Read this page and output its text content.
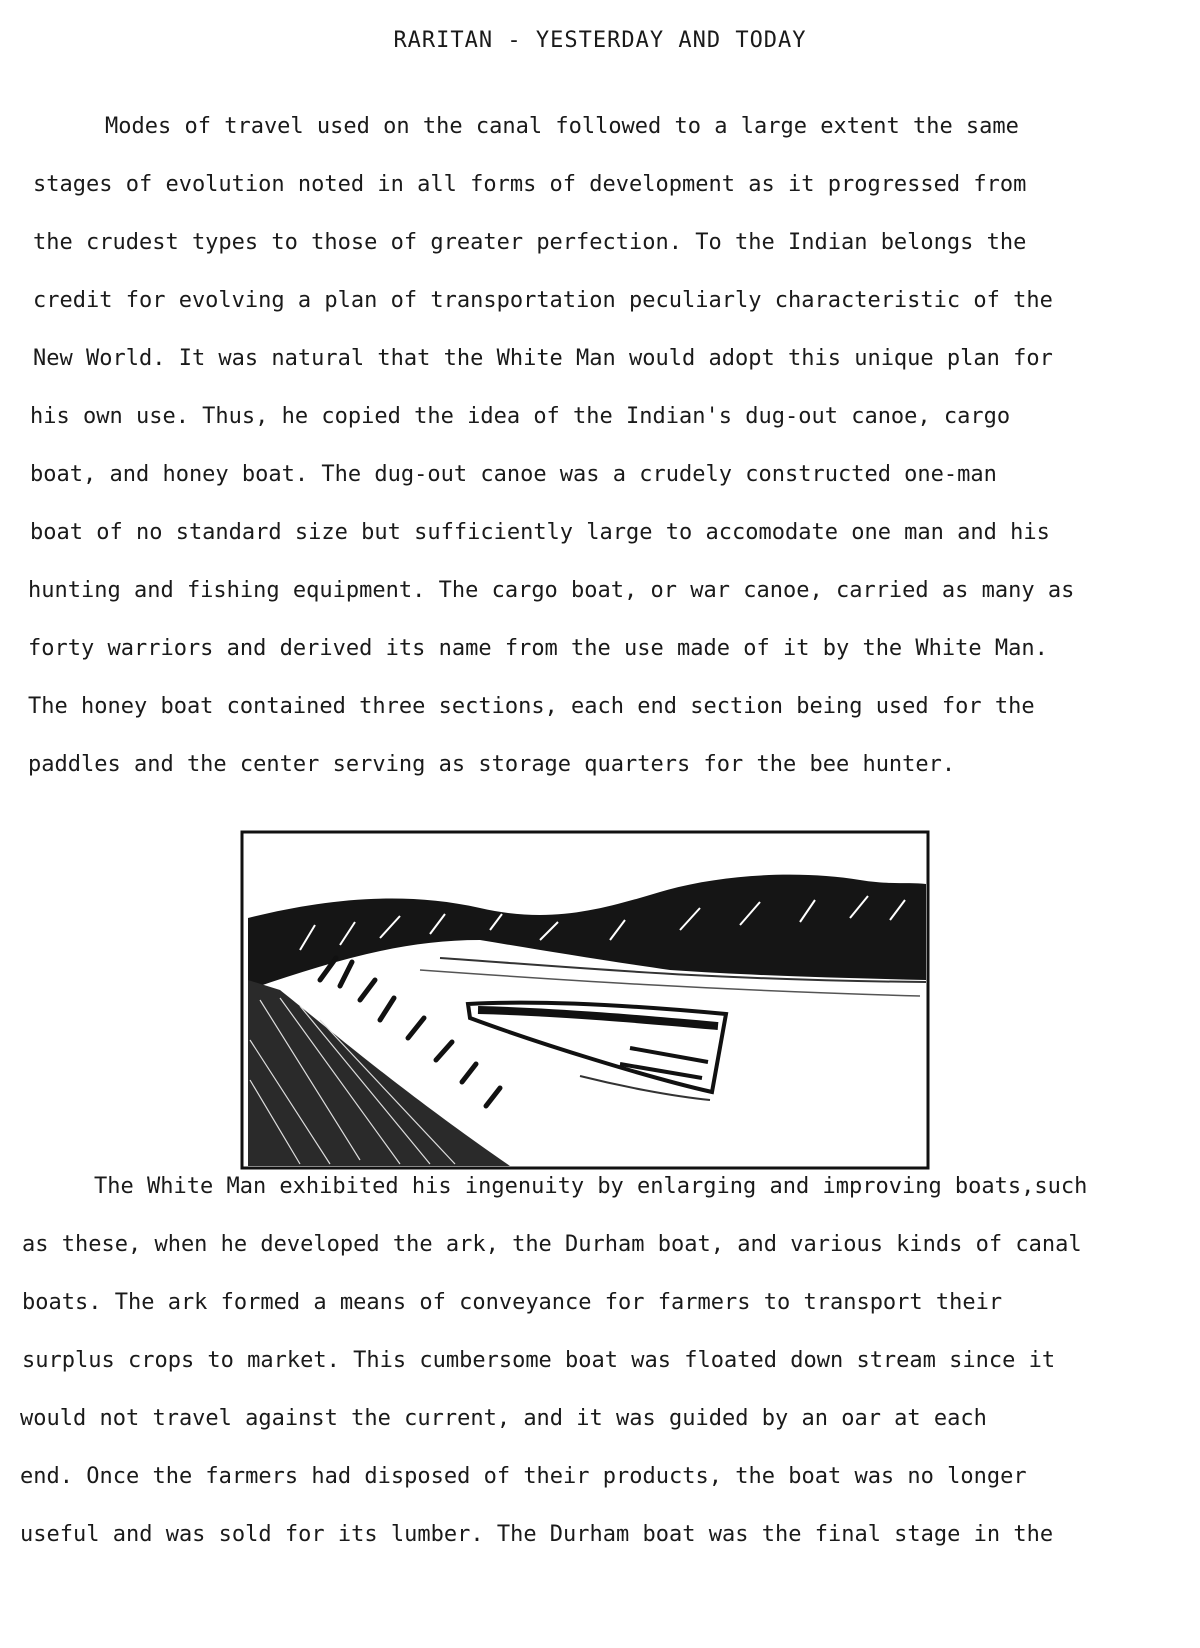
RARITAN - YESTERDAY AND TODAY
Modes of travel used on the canal followed to a large extent the same
stages of evolution noted in all forms of development as it progressed from
the crudest types to those of greater perfection. To the Indian belongs the
credit for evolving a plan of transportation peculiarly characteristic of the
New World. It was natural that the White Man would adopt this unique plan for
his own use. Thus, he copied the idea of the Indian's dug-out canoe, cargo
boat, and honey boat. The dug-out canoe was a crudely constructed one-man
boat of no standard size but sufficiently large to accomodate one man and his
hunting and fishing equipment. The cargo boat, or war canoe, carried as many as
forty warriors and derived its name from the use made of it by the White Man.
The honey boat contained three sections, each end section being used for the
paddles and the center serving as storage quarters for the bee hunter.
The White Man exhibited his ingenuity by enlarging and improving boats,such
as these, when he developed the ark, the Durham boat, and various kinds of canal
boats. The ark formed a means of conveyance for farmers to transport their
surplus crops to market. This cumbersome boat was floated down stream since it
would not travel against the current, and it was guided by an oar at each
end. Once the farmers had disposed of their products, the boat was no longer
useful and was sold for its lumber. The Durham boat was the final stage in the
